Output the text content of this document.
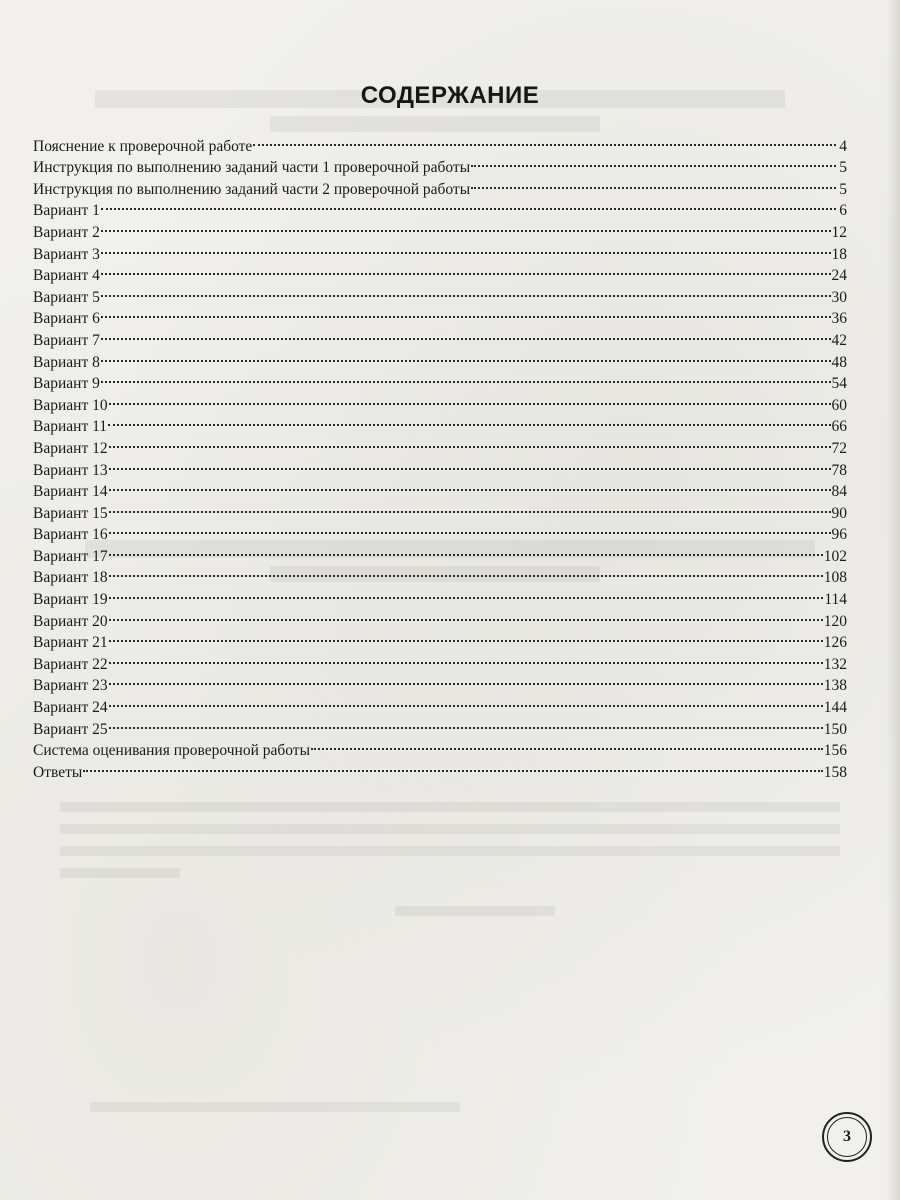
СОДЕРЖАНИЕ
Пояснение к проверочной работе	4
Инструкция по выполнению заданий части 1 проверочной работы	5
Инструкция по выполнению заданий части 2 проверочной работы	5
Вариант 1	6
Вариант 2	12
Вариант 3	18
Вариант 4	24
Вариант 5	30
Вариант 6	36
Вариант 7	42
Вариант 8	48
Вариант 9	54
Вариант 10	60
Вариант 11	66
Вариант 12	72
Вариант 13	78
Вариант 14	84
Вариант 15	90
Вариант 16	96
Вариант 17	102
Вариант 18	108
Вариант 19	114
Вариант 20	120
Вариант 21	126
Вариант 22	132
Вариант 23	138
Вариант 24	144
Вариант 25	150
Система оценивания проверочной работы	156
Ответы	158
3
